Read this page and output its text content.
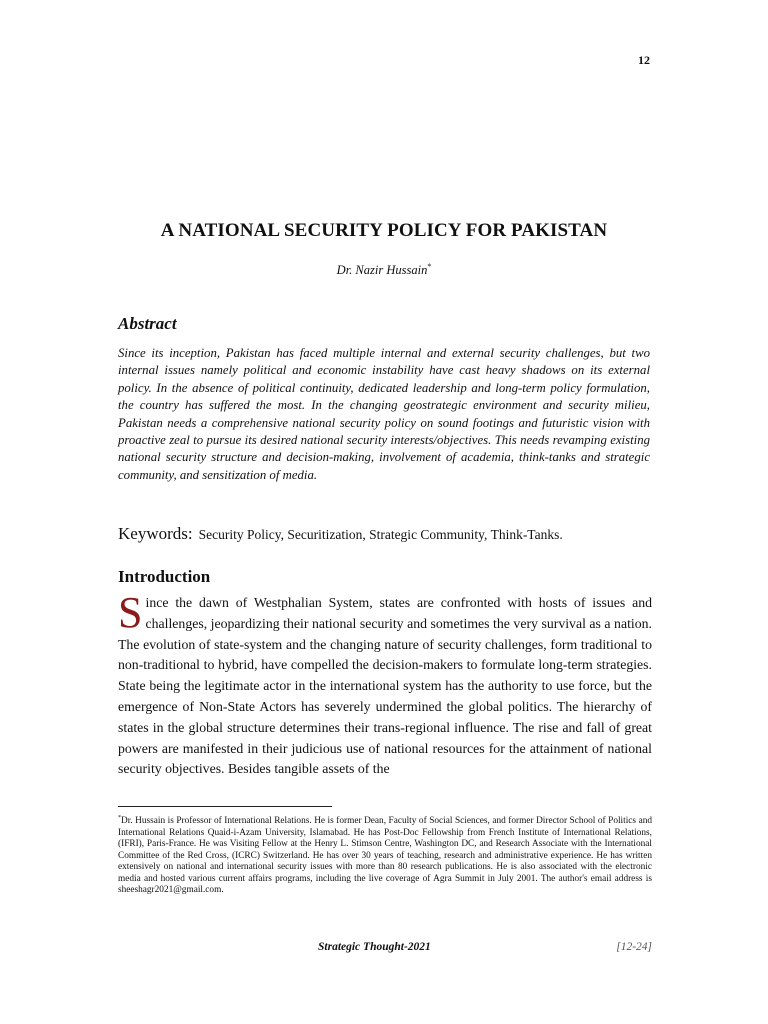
12
A NATIONAL SECURITY POLICY FOR PAKISTAN
Dr. Nazir Hussain*
Abstract

Since its inception, Pakistan has faced multiple internal and external security challenges, but two internal issues namely political and economic instability have cast heavy shadows on its external policy. In the absence of political continuity, dedicated leadership and long-term policy formulation, the country has suffered the most. In the changing geostrategic environment and security milieu, Pakistan needs a comprehensive national security policy on sound footings and futuristic vision with proactive zeal to pursue its desired national security interests/objectives. This needs revamping existing national security structure and decision-making, involvement of academia, think-tanks and strategic community, and sensitization of media.

Keywords: Security Policy, Securitization, Strategic Community, Think-Tanks.
Introduction

Since the dawn of Westphalian System, states are confronted with hosts of issues and challenges, jeopardizing their national security and sometimes the very survival as a nation. The evolution of state-system and the changing nature of security challenges, form traditional to non-traditional to hybrid, have compelled the decision-makers to formulate long-term strategies. State being the legitimate actor in the international system has the authority to use force, but the emergence of Non-State Actors has severely undermined the global politics. The hierarchy of states in the global structure determines their trans-regional influence. The rise and fall of great powers are manifested in their judicious use of national resources for the attainment of national security objectives. Besides tangible assets of the

*Dr. Hussain is Professor of International Relations. He is former Dean, Faculty of Social Sciences, and former Director School of Politics and International Relations Quaid-i-Azam University, Islamabad. He has Post-Doc Fellowship from French Institute of International Relations, (IFRI), Paris-France. He was Visiting Fellow at the Henry L. Stimson Centre, Washington DC, and Research Associate with the International Committee of the Red Cross, (ICRC) Switzerland. He has over 30 years of teaching, research and administrative experience. He has written extensively on national and international security issues with more than 80 research publications. He is also associated with the electronic media and hosted various current affairs programs, including the live coverage of Agra Summit in July 2001. The author's email address is sheeshagr2021@gmail.com.

Strategic Thought-2021	[12-24]
